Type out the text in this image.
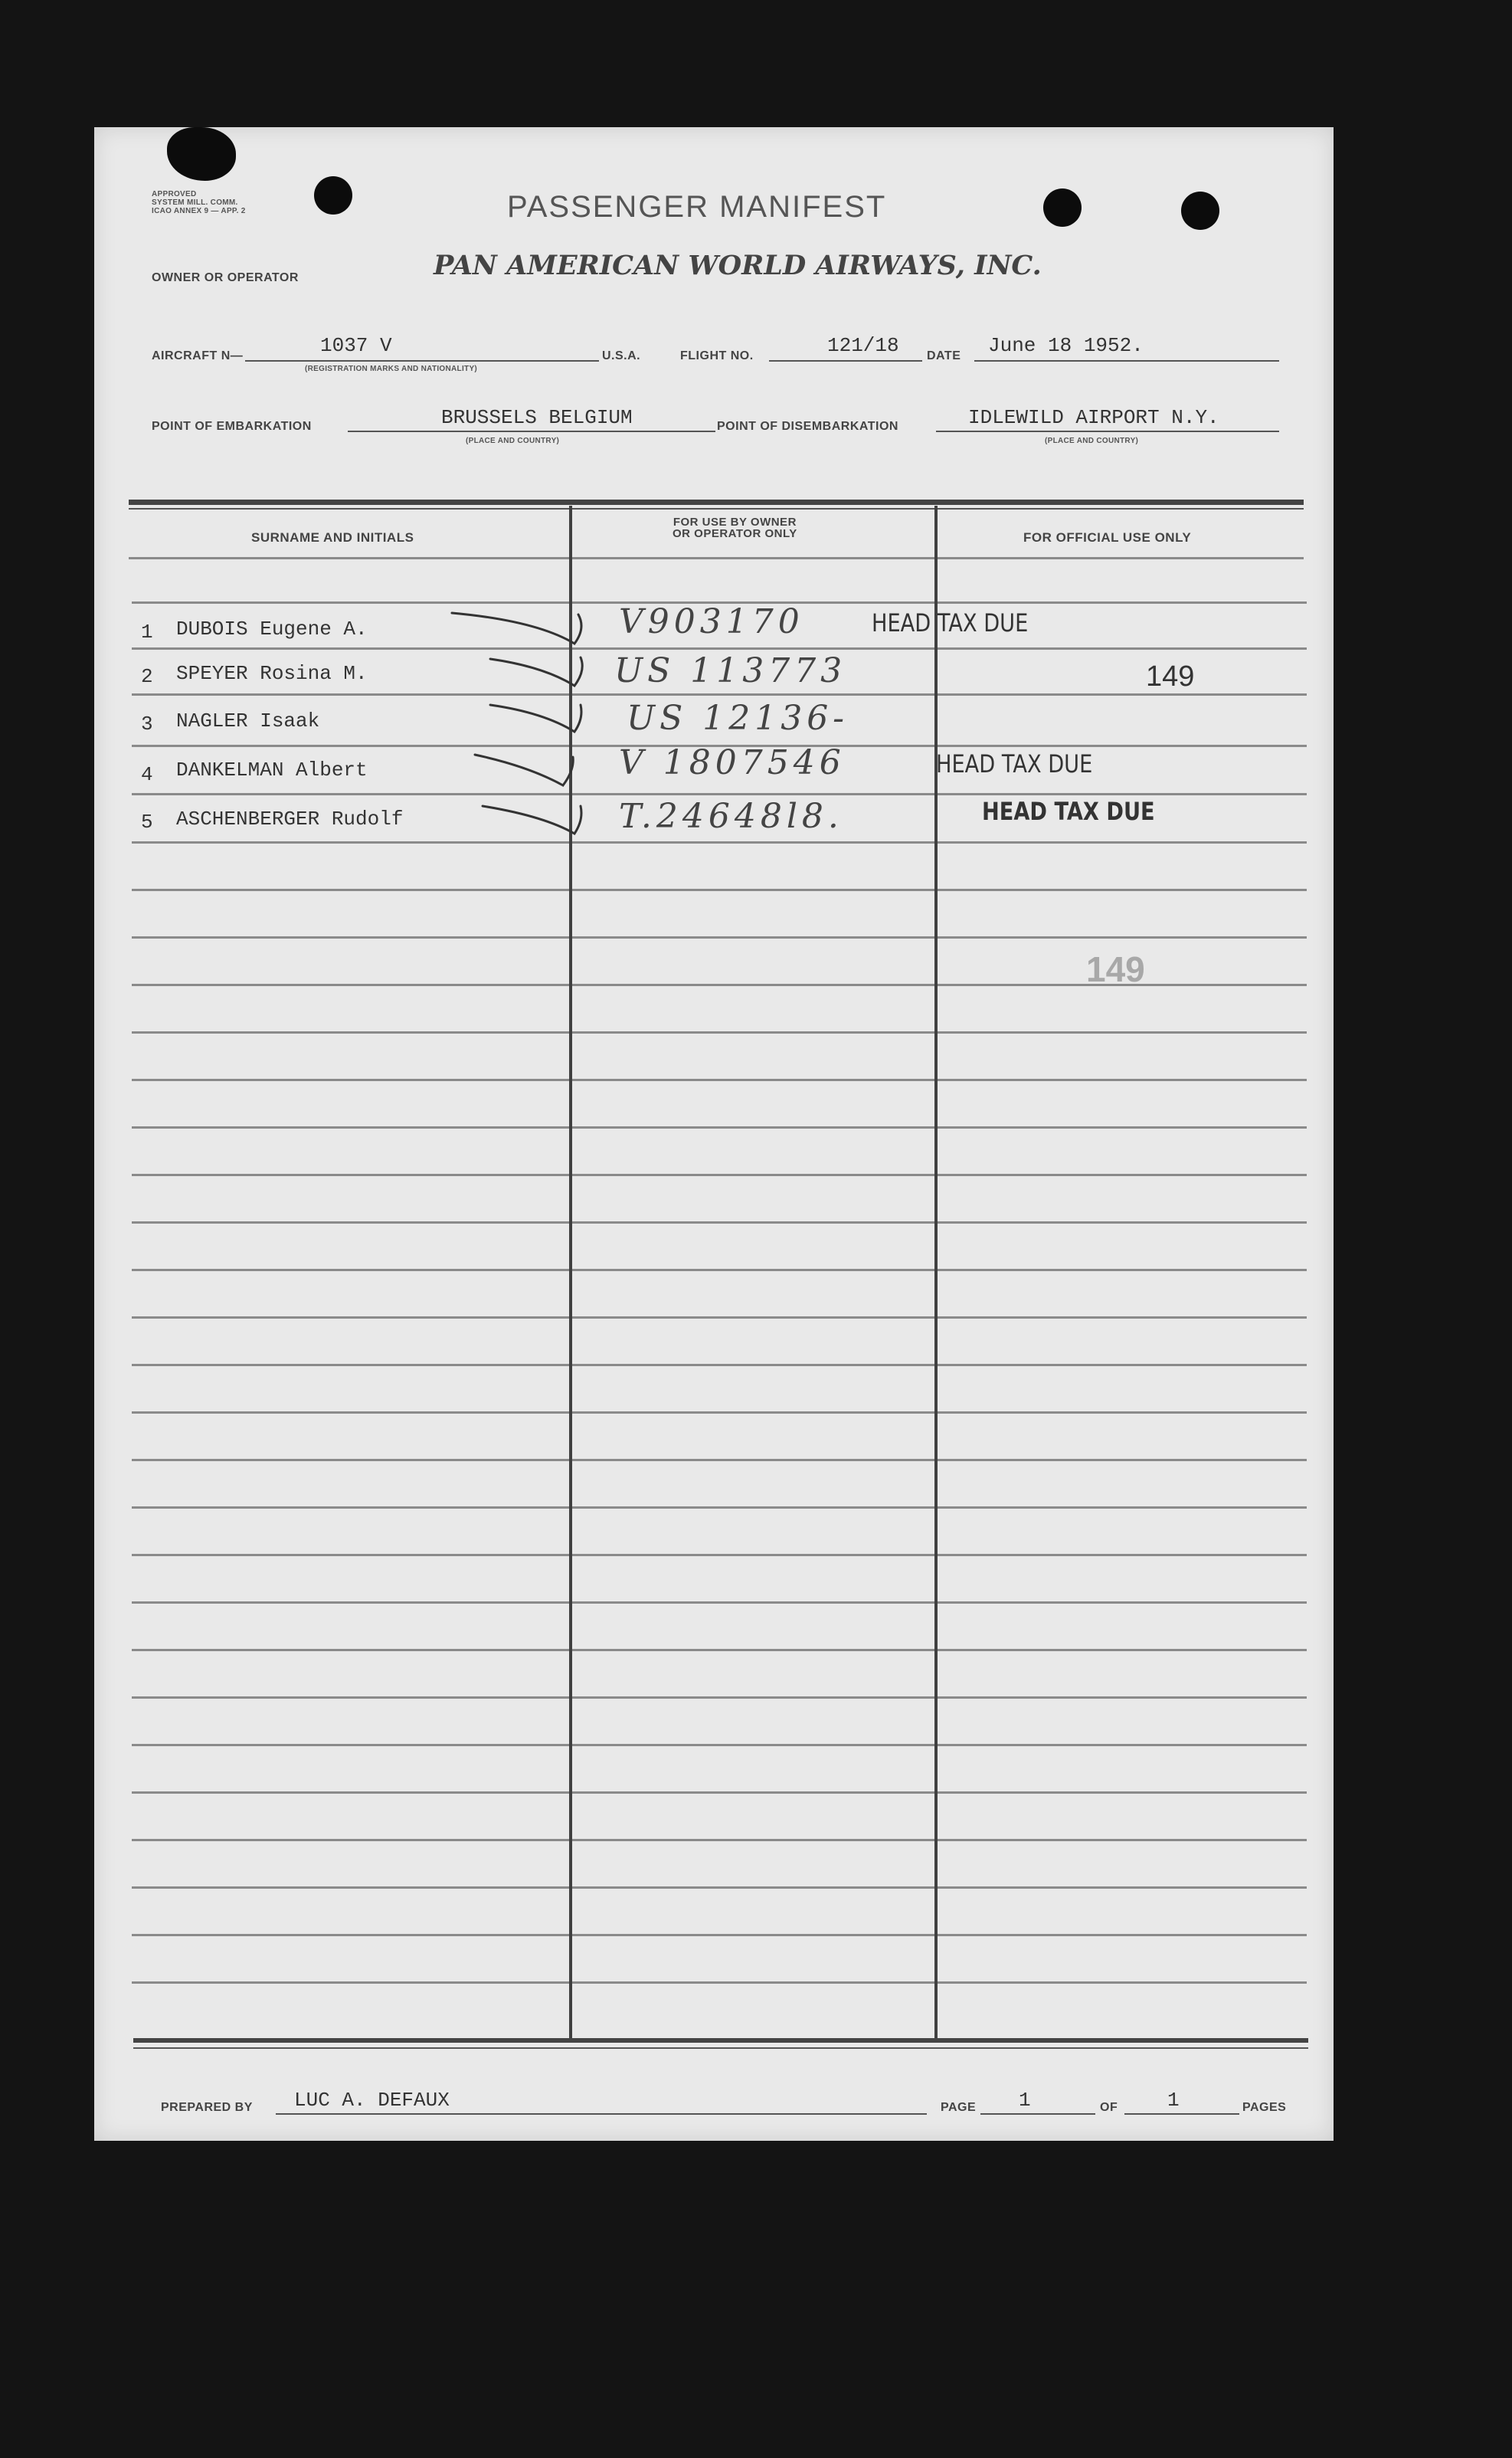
APPROVED
SYSTEM MILL. COMM.
ICAO ANNEX 9 — APP. 2	PASSENGER MANIFEST
OWNER OR OPERATOR	PAN AMERICAN WORLD AIRWAYS, INC.
AIRCRAFT N—	1037 V
(REGISTRATION MARKS AND NATIONALITY)
U.S.A.	FLIGHT NO.	121/18 DATE June 18 1952.
POINT OF EMBARKATION	BRUSSELS BELGIUM
(PLACE AND COUNTRY)
POINT OF DISEMBARKATION	IDLEWILD AIRPORT N.Y.
(PLACE AND COUNTRY)
SURNAME AND INITIALS
FOR USE BY OWNER
OR OPERATOR ONLY	FOR OFFICIAL USE ONLY
1 DUBOIS Eugene A.	V903170	HEAD TAX DUE
2 SPEYER Rosina M.	US 113773	149
3 NAGLER Isaak	US 12136-
4 DANKELMAN Albert	V 1807546	HEAD TAX DUE
5 ASCHENBERGER Rudolf	T.24648l8.	HEAD TAX DUE
149
PREPARED BY LUC A. DEFAUX	PAGE 1	OF 1	PAGES
